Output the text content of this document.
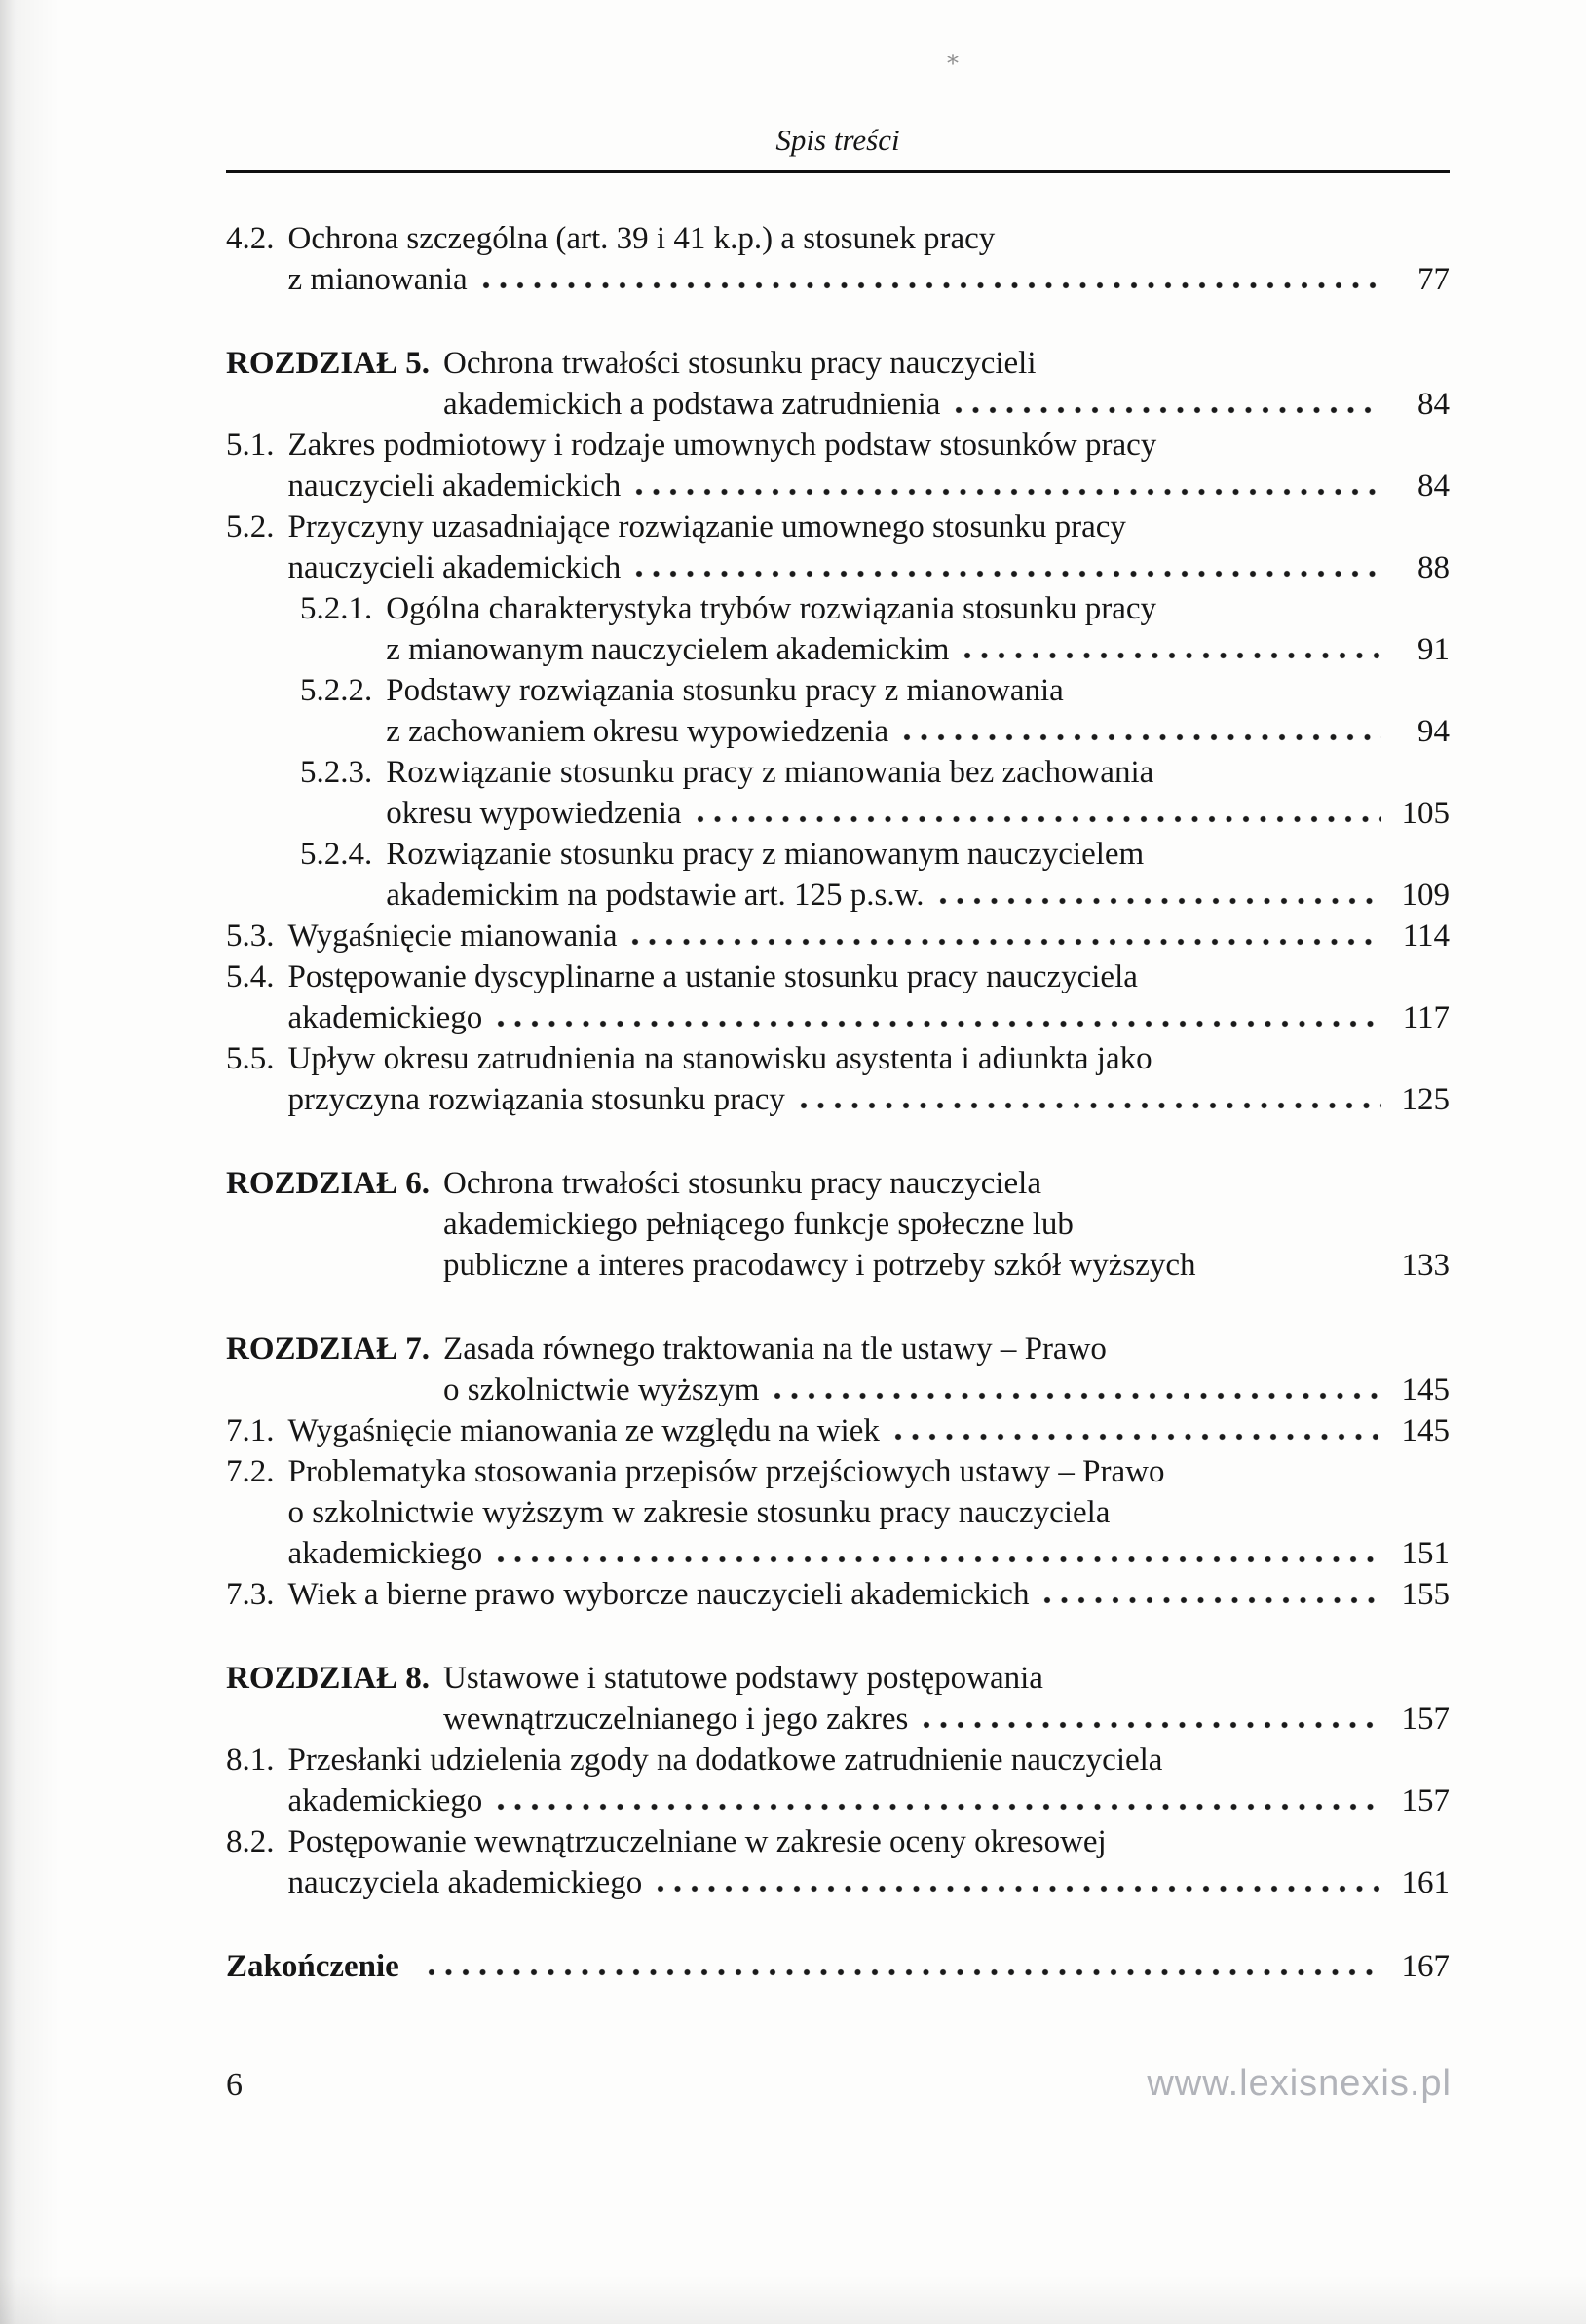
⁎
Spis treści
4.2. Ochrona szczególna (art. 39 i 41 k.p.) a stosunek pracy
z mianowania	77
ROZDZIAŁ 5. Ochrona trwałości stosunku pracy nauczycieli
akademickich a podstawa zatrudnienia	84
5.1. Zakres podmiotowy i rodzaje umownych podstaw stosunków pracy
nauczycieli akademickich	84
5.2. Przyczyny uzasadniające rozwiązanie umownego stosunku pracy
nauczycieli akademickich	88
5.2.1. Ogólna charakterystyka trybów rozwiązania stosunku pracy
z mianowanym nauczycielem akademickim	91
5.2.2. Podstawy rozwiązania stosunku pracy z mianowania
z zachowaniem okresu wypowiedzenia	94
5.2.3. Rozwiązanie stosunku pracy z mianowania bez zachowania
okresu wypowiedzenia	105
5.2.4. Rozwiązanie stosunku pracy z mianowanym nauczycielem
akademickim na podstawie art. 125 p.s.w.	109
5.3. Wygaśnięcie mianowania	114
5.4. Postępowanie dyscyplinarne a ustanie stosunku pracy nauczyciela
akademickiego	117
5.5. Upływ okresu zatrudnienia na stanowisku asystenta i adiunkta jako
przyczyna rozwiązania stosunku pracy	125
ROZDZIAŁ 6. Ochrona trwałości stosunku pracy nauczyciela
akademickiego pełniącego funkcje społeczne lub
publiczne a interes pracodawcy i potrzeby szkół wyższych	133
ROZDZIAŁ 7. Zasada równego traktowania na tle ustawy – Prawo
o szkolnictwie wyższym	145
7.1. Wygaśnięcie mianowania ze względu na wiek	145
7.2. Problematyka stosowania przepisów przejściowych ustawy – Prawo
o szkolnictwie wyższym w zakresie stosunku pracy nauczyciela
akademickiego	151
7.3. Wiek a bierne prawo wyborcze nauczycieli akademickich	155
ROZDZIAŁ 8. Ustawowe i statutowe podstawy postępowania
wewnątrzuczelnianego i jego zakres	157
8.1. Przesłanki udzielenia zgody na dodatkowe zatrudnienie nauczyciela
akademickiego	157
8.2. Postępowanie wewnątrzuczelniane w zakresie oceny okresowej
nauczyciela akademickiego	161
Zakończenie	167
6	www.lexisnexis.pl
